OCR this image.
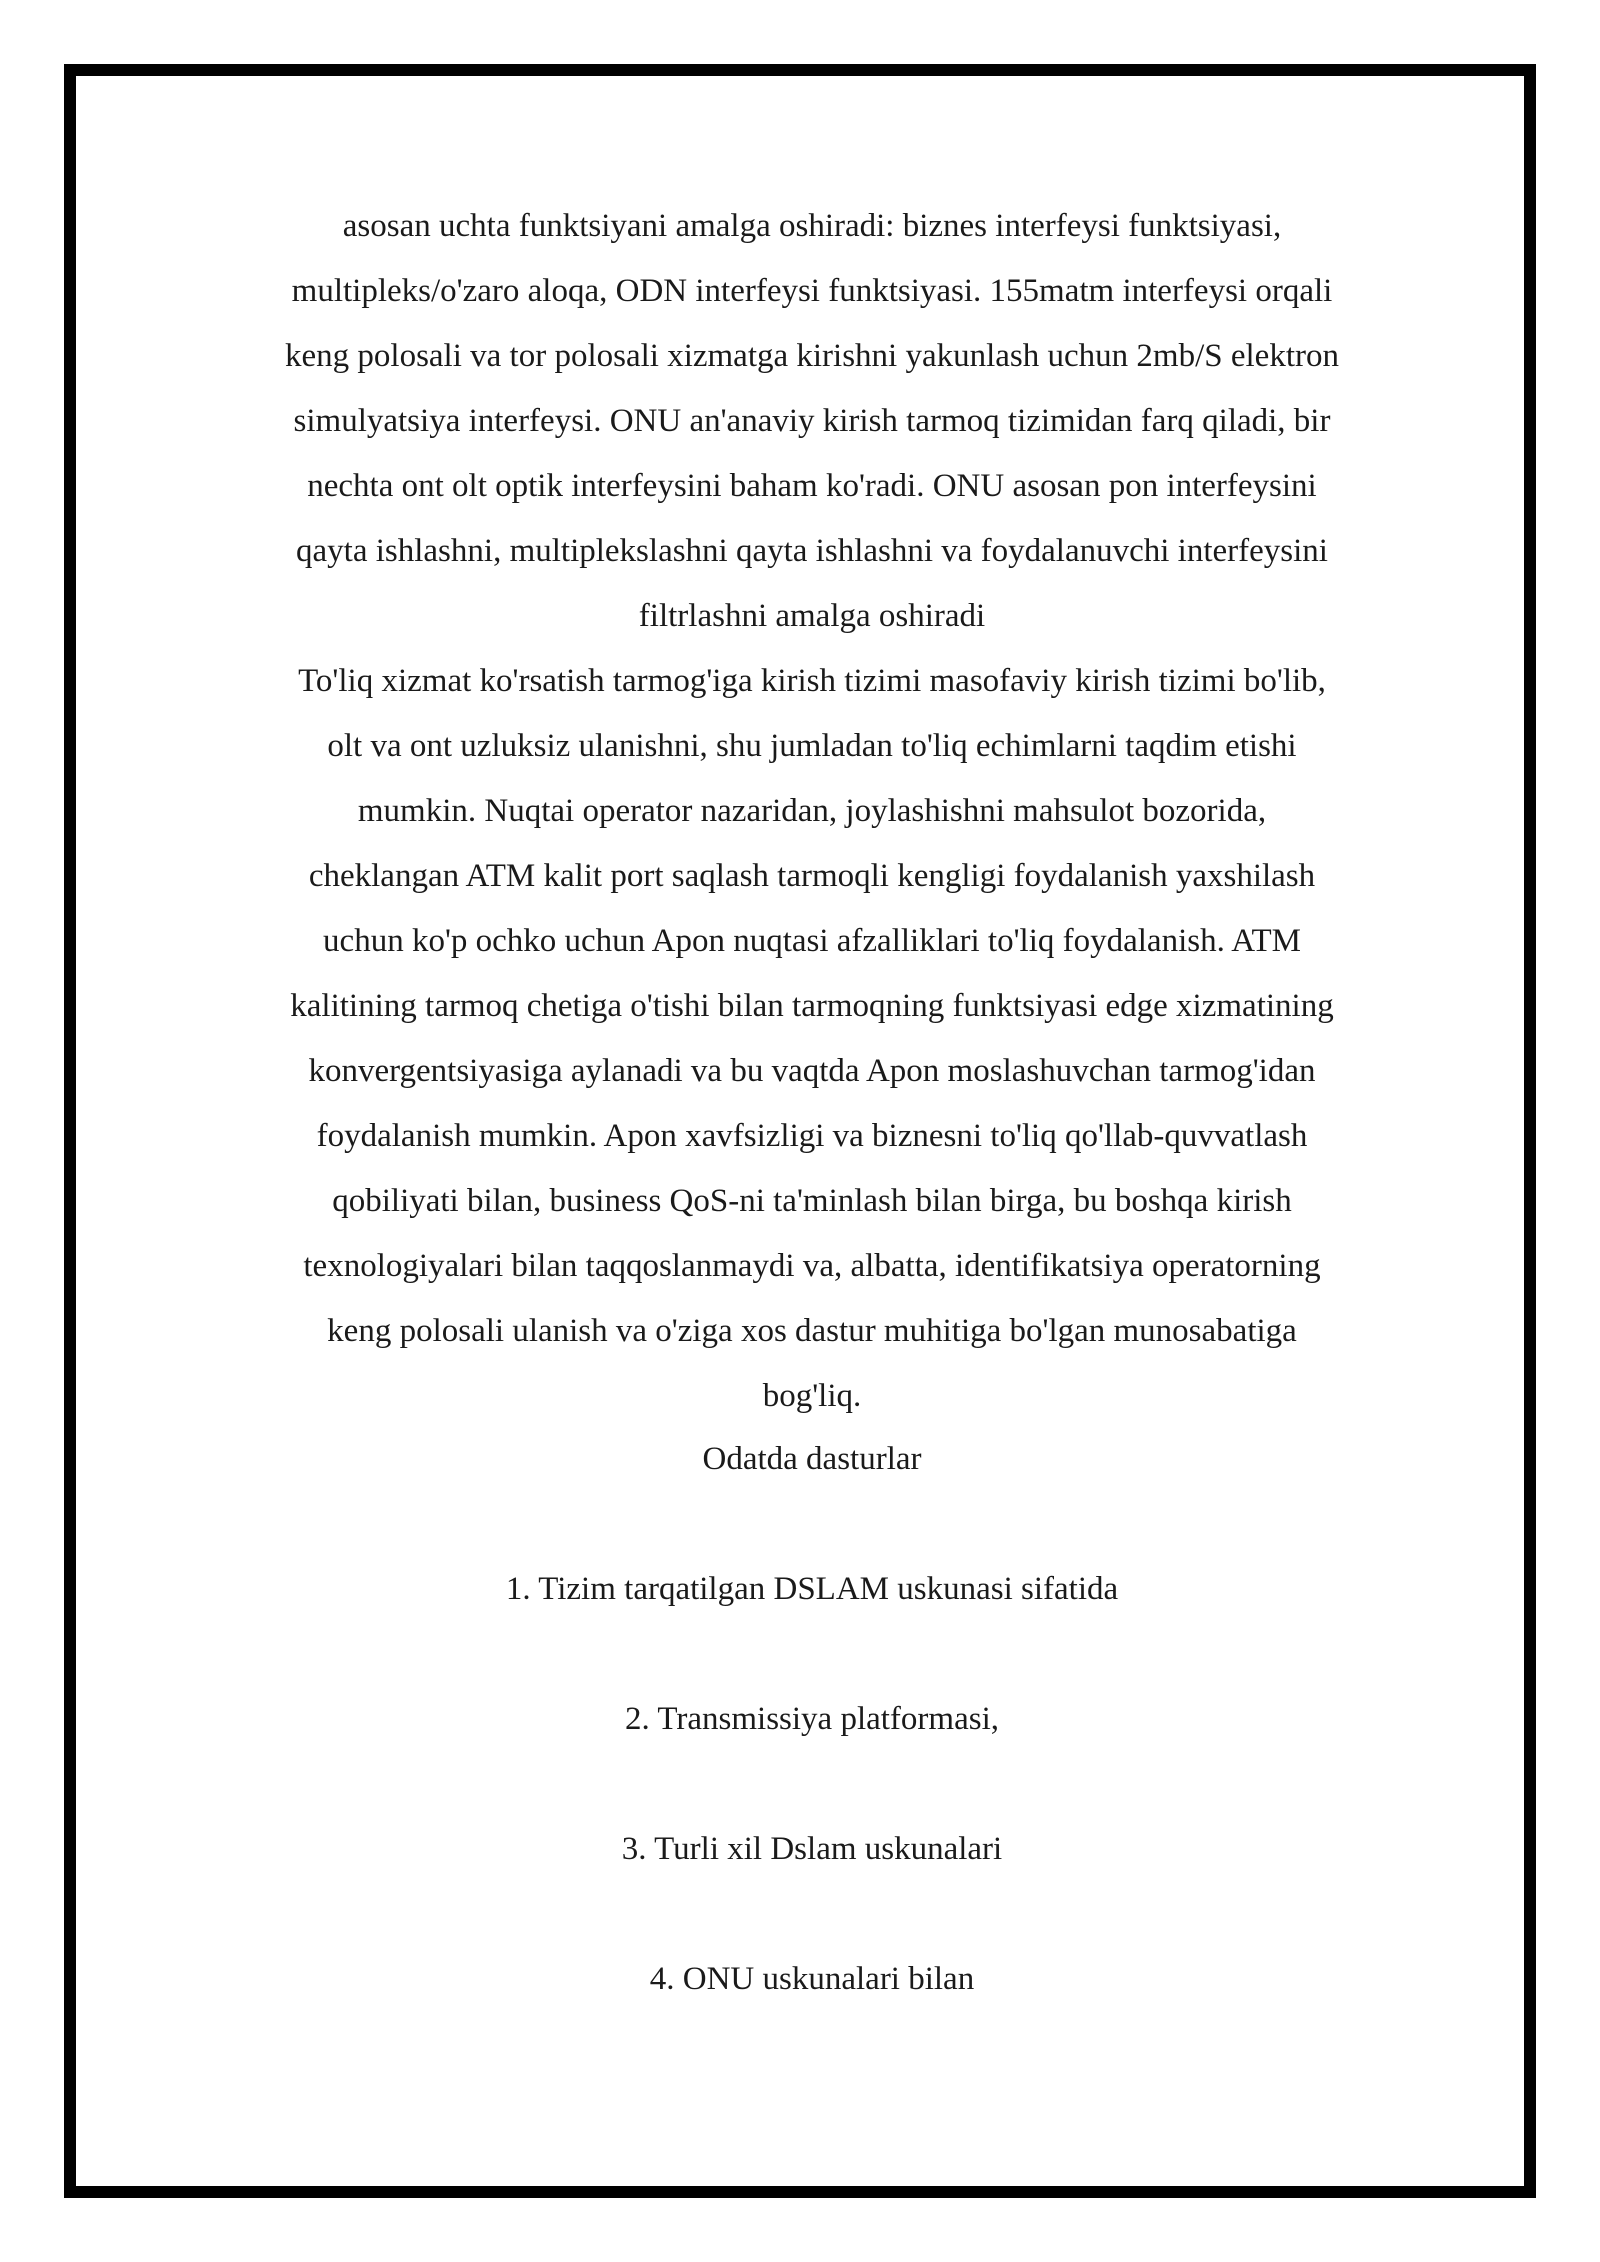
asosan uchta funktsiyani amalga oshiradi: biznes interfeysi funktsiyasi,
multipleks/o'zaro aloqa, ODN interfeysi funktsiyasi. 155matm interfeysi orqali
keng polosali va tor polosali xizmatga kirishni yakunlash uchun 2mb/S elektron
simulyatsiya interfeysi. ONU an'anaviy kirish tarmoq tizimidan farq qiladi, bir
nechta ont olt optik interfeysini baham ko'radi. ONU asosan pon interfeysini
qayta ishlashni, multiplekslashni qayta ishlashni va foydalanuvchi interfeysini
filtrlashni amalga oshiradi

To'liq xizmat ko'rsatish tarmog'iga kirish tizimi masofaviy kirish tizimi bo'lib,
olt va ont uzluksiz ulanishni, shu jumladan to'liq echimlarni taqdim etishi
mumkin. Nuqtai operator nazaridan, joylashishni mahsulot bozorida,
cheklangan ATM kalit port saqlash tarmoqli kengligi foydalanish yaxshilash
uchun ko'p ochko uchun Apon nuqtasi afzalliklari to'liq foydalanish. ATM
kalitining tarmoq chetiga o'tishi bilan tarmoqning funktsiyasi edge xizmatining
konvergentsiyasiga aylanadi va bu vaqtda Apon moslashuvchan tarmog'idan
foydalanish mumkin. Apon xavfsizligi va biznesni to'liq qo'llab-quvvatlash
qobiliyati bilan, business QoS-ni ta'minlash bilan birga, bu boshqa kirish
texnologiyalari bilan taqqoslanmaydi va, albatta, identifikatsiya operatorning
keng polosali ulanish va o'ziga xos dastur muhitiga bo'lgan munosabatiga
bog'liq.

Odatda dasturlar

1. Tizim tarqatilgan DSLAM uskunasi sifatida

2. Transmissiya platformasi,

3. Turli xil Dslam uskunalari

4. ONU uskunalari bilan
